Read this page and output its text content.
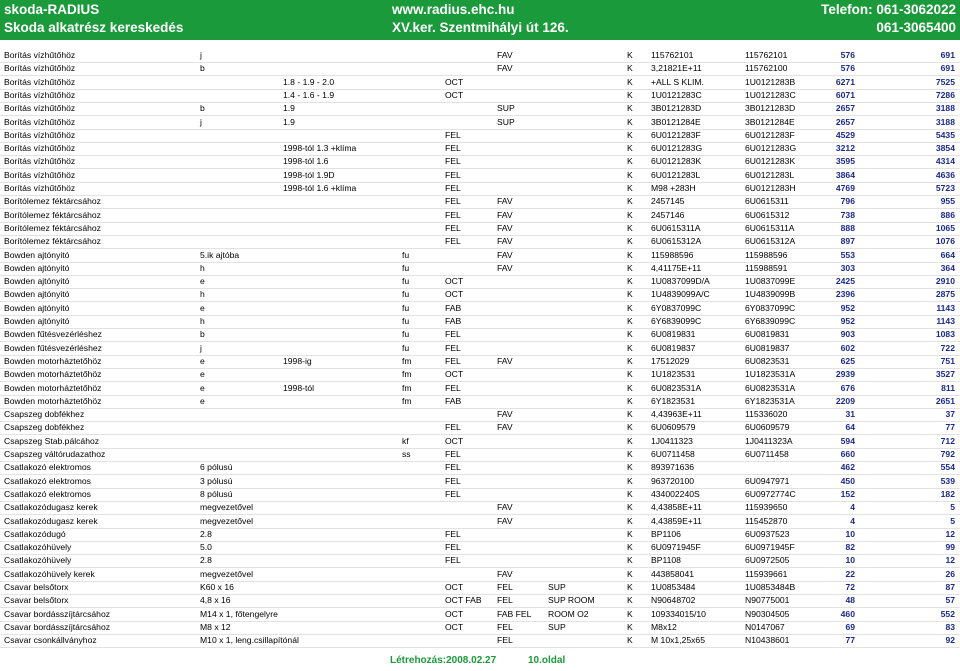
skoda-RADIUS
Skoda alkatrész kereskedés
www.radius.ehc.hu
XV.ker. Szentmihályi út 126.
Telefon: 061-3062022
061-3065400
Borítás vízhűtőhöz	j	FAV	K 115762101	115762101	576	691
Borítás vízhűtőhöz	b	FAV	K 3,21821E+11	115762100	576	691
Borítás vízhűtőhöz	1.8 - 1.9 - 2.0	OCT	K +ALL S KLIM.	1U0121283B	6271	7525
Borítás vízhűtőhöz	1.4 - 1.6 - 1.9	OCT	K 1U0121283C	1U0121283C	6071	7286
Borítás vízhűtőhöz	b	1.9	SUP	K 3B0121283D	3B0121283D	2657	3188
Borítás vízhűtőhöz	j	1.9	SUP	K 3B0121284E	3B0121284E	2657	3188
Borítás vízhűtőhöz	FEL	K 6U0121283F	6U0121283F	4529	5435
Borítás vízhűtőhöz	1998-tól 1.3 +klíma	FEL	K 6U0121283G	6U0121283G	3212	3854
Borítás vízhűtőhöz	1998-tól 1.6	FEL	K 6U0121283K	6U0121283K	3595	4314
Borítás vízhűtőhöz	1998-tól 1.9D	FEL	K 6U0121283L	6U0121283L	3864	4636
Borítás vízhűtőhöz	1998-tól 1.6 +klíma	FEL	K M98 +283H	6U0121283H	4769	5723
Borítólemez féktárcsához	FEL	FAV	K 2457145	6U0615311	796	955
Borítólemez féktárcsához	FEL	FAV	K 2457146	6U0615312	738	886
Borítólemez féktárcsához	FEL	FAV	K 6U0615311A	6U0615311A	888	1065
Borítólemez féktárcsához	FEL	FAV	K 6U0615312A	6U0615312A	897	1076
Bowden ajtónyitó	5.ik ajtóba	fu	FAV	K 115988596	115988596	553	664
Bowden ajtónyitó	h	fu	FAV	K 4,41175E+11	115988591	303	364
Bowden ajtónyitó	e	fu	OCT	K 1U0837099D/A	1U0837099E	2425	2910
Bowden ajtónyitó	h	fu	OCT	K 1U4839099A/C	1U4839099B	2396	2875
Bowden ajtónyitó	e	fu	FAB	K 6Y0837099C	6Y0837099C	952	1143
Bowden ajtónyitó	h	fu	FAB	K 6Y6839099C	6Y6839099C	952	1143
Bowden fűtésvezérléshez	b	fu	FEL	K 6U0819831	6U0819831	903	1083
Bowden fűtésvezérléshez	j	fu	FEL	K 6U0819837	6U0819837	602	722
Bowden motorháztetőhöz	e	1998-ig	fm	FEL	FAV	K 17512029	6U0823531	625	751
Bowden motorháztetőhöz	e	fm	OCT	K 1U1823531	1U1823531A	2939	3527
Bowden motorháztetőhöz	e	1998-tól	fm	FEL	K 6U0823531A	6U0823531A	676	811
Bowden motorháztetőhöz	e	fm	FAB	K 6Y1823531	6Y1823531A	2209	2651
Csapszeg dobfékhez	FAV	K 4,43963E+11	115336020	31	37
Csapszeg dobfékhez	FEL	FAV	K 6U0609579	6U0609579	64	77
Csapszeg Stab.pálcához	kf	OCT	K 1J0411323	1J0411323A	594	712
Csapszeg váltórudazathoz	ss	FEL	K 6U0711458	6U0711458	660	792
Csatlakozó elektromos	6 pólusú	FEL	K 893971636	462	554
Csatlakozó elektromos	3 pólusú	FEL	K 963720100	6U0947971	450	539
Csatlakozó elektromos	8 pólusú	FEL	K 434002240S	6U0972774C	152	182
Csatlakozódugasz kerek	megvezetővel	FAV	K 4,43858E+11	115939650	4	5
Csatlakozódugasz kerek	megvezetővel	FAV	K 4,43859E+11	115452870	4	5
Csatlakozódugó	2.8	FEL	K BP1106	6U0937523	10	12
Csatlakozóhüvely	5.0	FEL	K 6U0971945F	6U0971945F	82	99
Csatlakozóhüvely	2.8	FEL	K BP1108	6U0972505	10	12
Csatlakozóhüvely kerek	megvezetővel	FAV	K 443858041	115939661	22	26
Csavar belsőtorx	K60 x 16	OCT	FEL	SUP	K 1U0853484	1U0853484B	72	87
Csavar belsőtorx	4,8 x 16	OCT FAB FEL	SUP ROOM	K N90648702	N90775001	48	57
Csavar bordásszíjtárcsához	M14 x 1, főtengelyre	OCT	FAB FEL ROOM O2	K 109334015/10	N90304505	460	552
Csavar bordásszíjtárcsához	M8 x 12	OCT	FEL	SUP	K M8x12	N0147067	69	83
Csavar csonkállványhoz	M10 x 1, leng.csillapítónál	FEL	K M 10x1,25x65	N10438601	77	92
Létrehozás:2008.02.27	10.oldal
